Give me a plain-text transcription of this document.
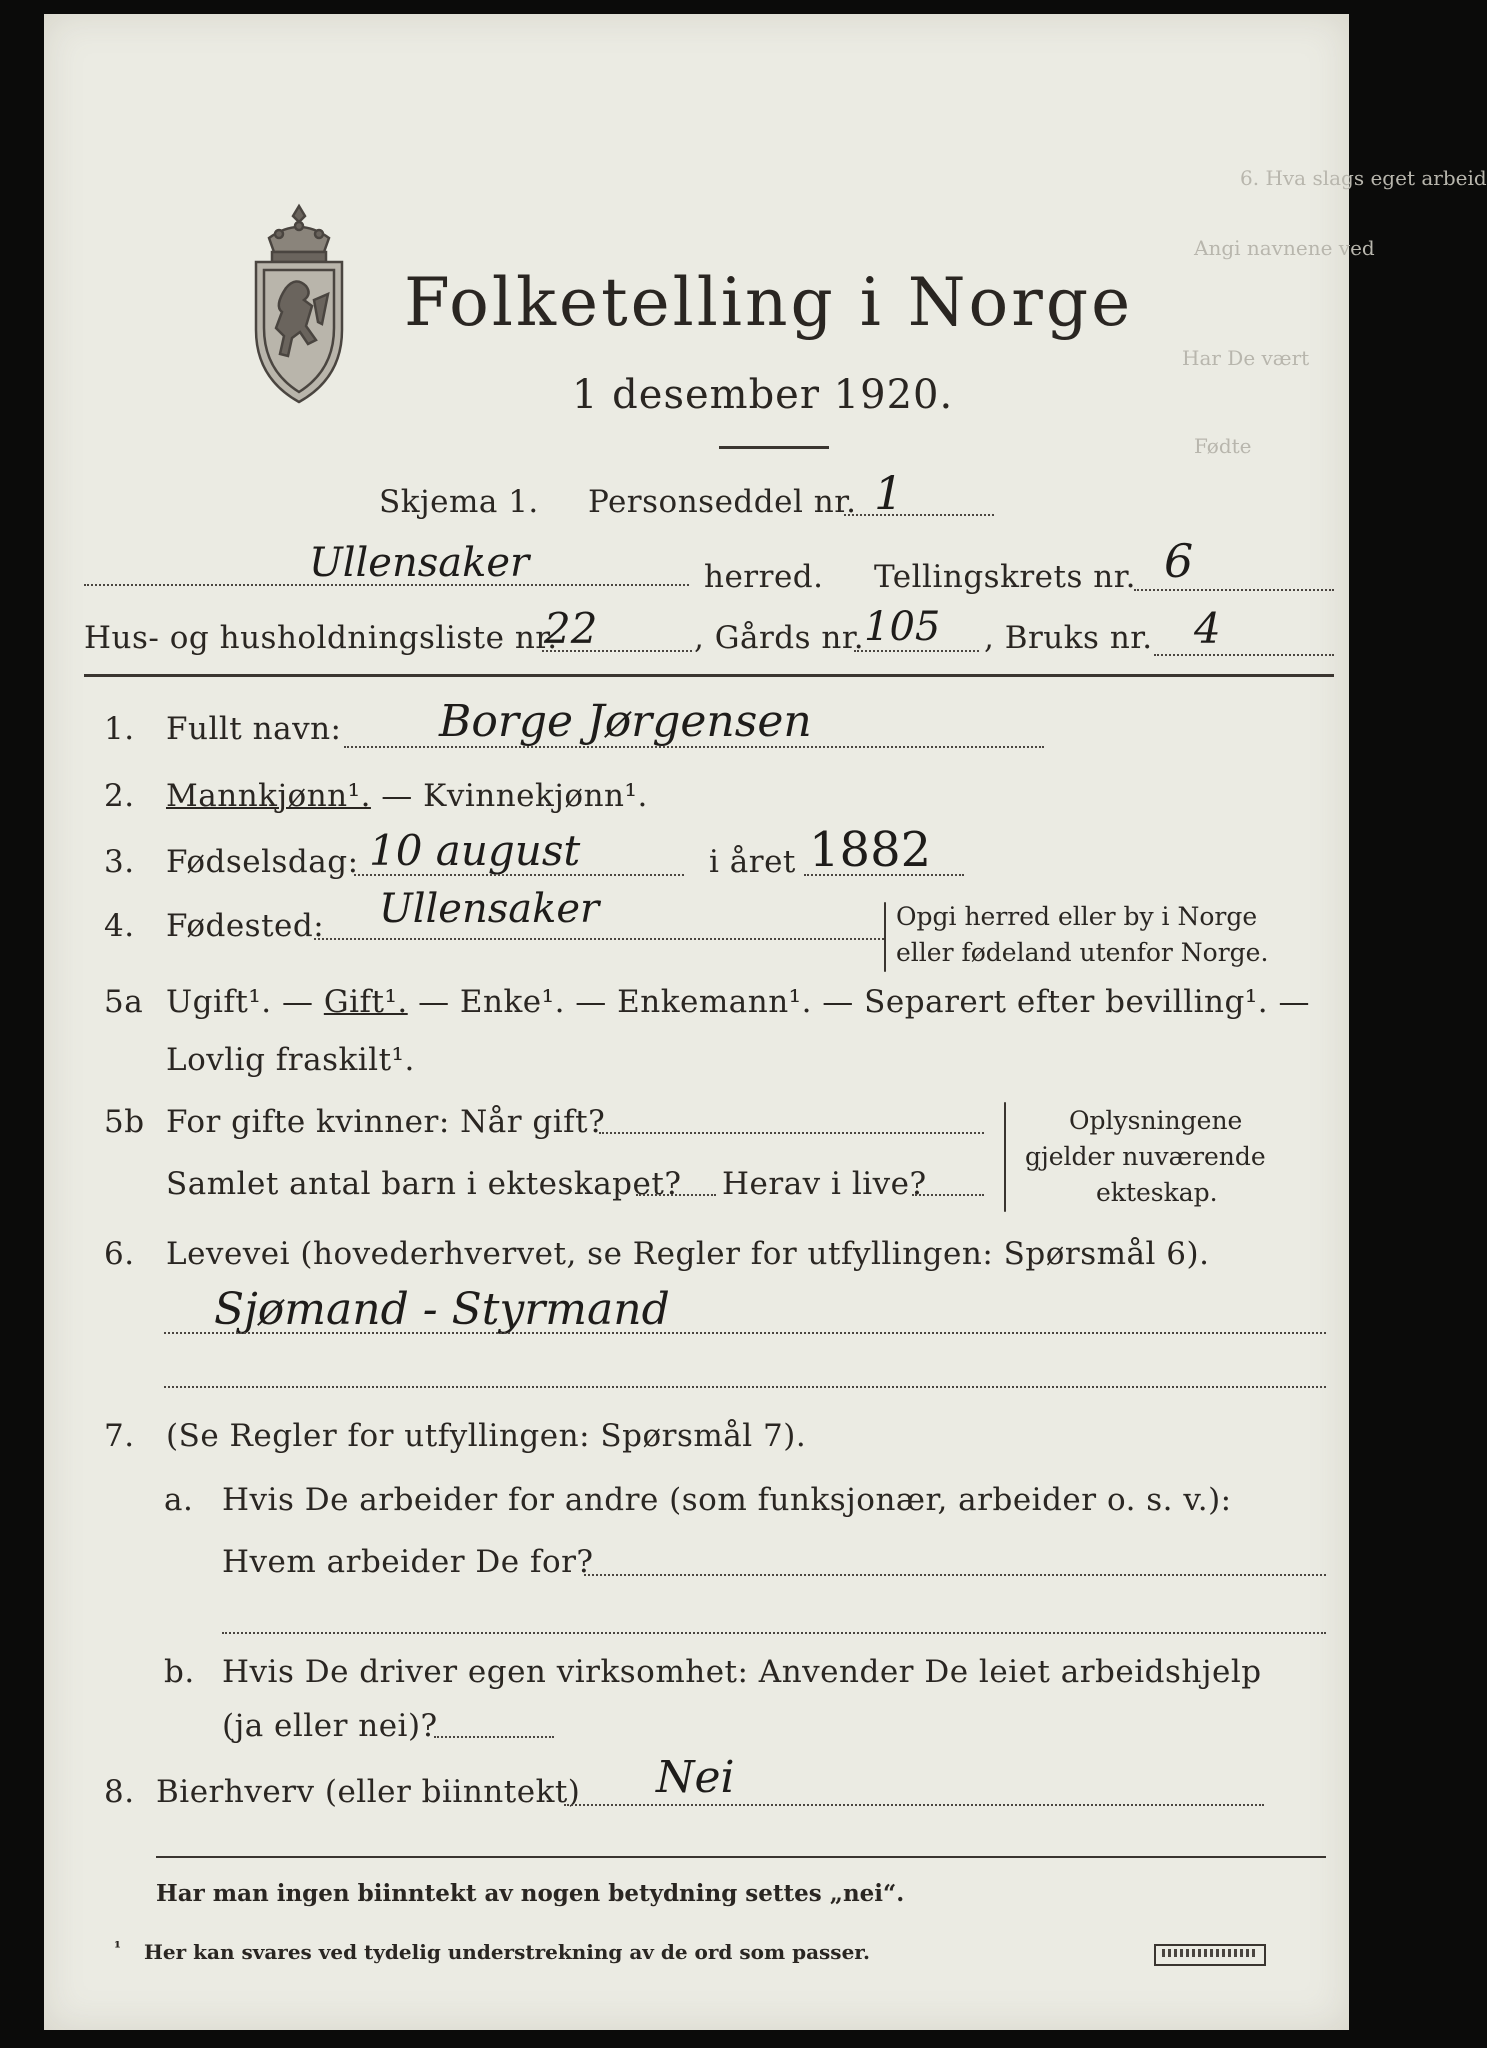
6. Hva slags eget arbeid
Angi navnene ved
Har De vært
Fødte
Folketelling i Norge
1 desember 1920.
Skjema 1. Personseddel nr. 1
Ullensaker	herred. Tellingskrets nr. 6
Hus- og husholdningsliste nr.
22	, Gårds nr. 105 , Bruks nr. 4
1. Fullt navn: Borge Jørgensen
2. Mannkjønn¹. — Kvinnekjønn¹.
3. Fødselsdag: 10 august	i året 1882
4. Fødested: Ullensaker	Opgi herred eller by i Norge
eller fødeland utenfor Norge.
5a Ugift¹. — Gift¹. — Enke¹. — Enkemann¹. — Separert efter bevilling¹. —
Lovlig fraskilt¹.
5b For gifte kvinner: Når gift?
Samlet antal barn i ekteskapet? Herav i live?
Oplysningene
gjelder nuværende
ekteskap.
6. Levevei (hovederhvervet, se Regler for utfyllingen: Spørsmål 6).
Sjømand - Styrmand
7. (Se Regler for utfyllingen: Spørsmål 7).
a. Hvis De arbeider for andre (som funksjonær, arbeider o. s. v.):
Hvem arbeider De for?
b. Hvis De driver egen virksomhet: Anvender De leiet arbeidshjelp
(ja eller nei)?
8. Bierhverv (eller biinntekt) Nei
Har man ingen biinntekt av nogen betydning settes „nei“.
¹ Her kan svares ved tydelig understrekning av de ord som passer.
